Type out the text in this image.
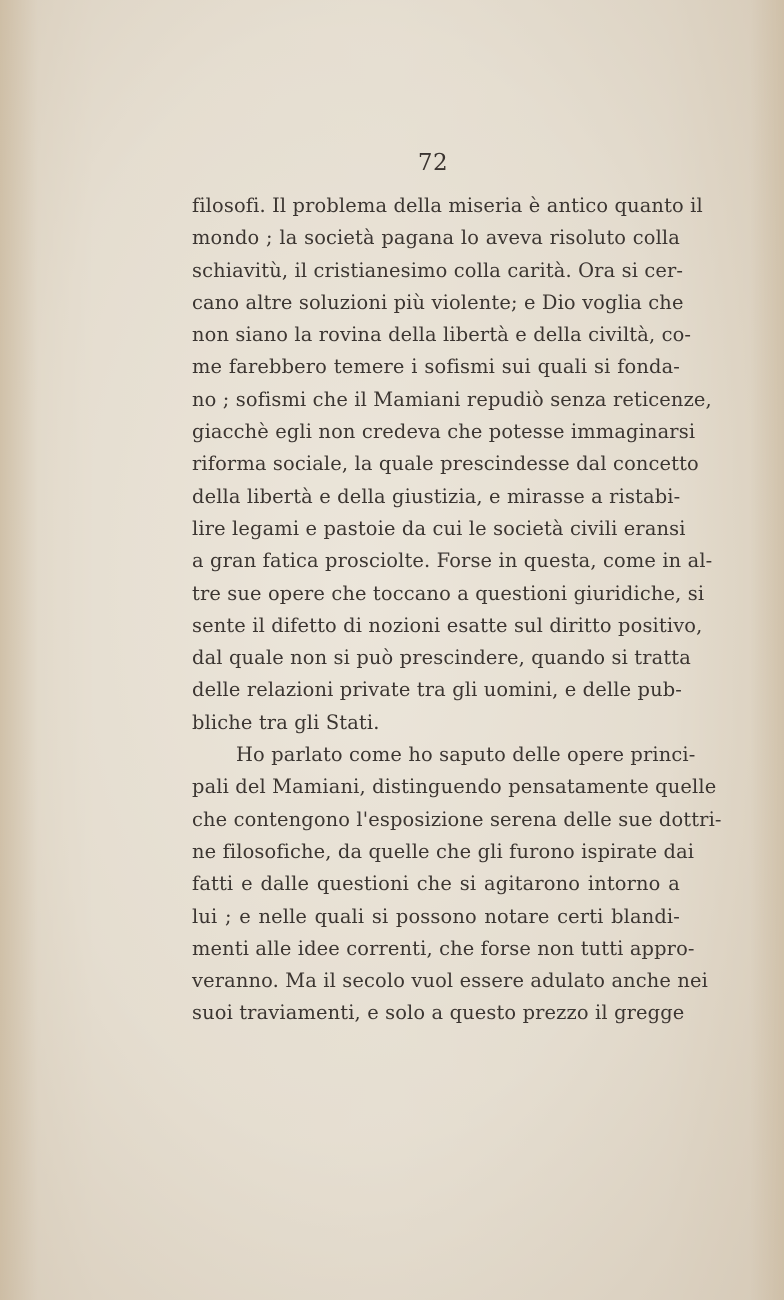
72
filosofi. Il problema della miseria è antico quanto il
mondo ; la società pagana lo aveva risoluto colla
schiavitù, il cristianesimo colla carità. Ora si cer-
cano altre soluzioni più violente; e Dio voglia che
non siano la rovina della libertà e della civiltà, co-
me farebbero temere i sofismi sui quali si fonda-
no ; sofismi che il Mamiani repudiò senza reticenze,
giacchè egli non credeva che potesse immaginarsi
riforma sociale, la quale prescindesse dal concetto
della libertà e della giustizia, e mirasse a ristabi-
lire legami e pastoie da cui le società civili eransi
a gran fatica prosciolte. Forse in questa, come in al-
tre sue opere che toccano a questioni giuridiche, si
sente il difetto di nozioni esatte sul diritto positivo,
dal quale non si può prescindere, quando si tratta
delle relazioni private tra gli uomini, e delle pub-
bliche tra gli Stati.
Ho parlato come ho saputo delle opere princi-
pali del Mamiani, distinguendo pensatamente quelle
che contengono l'esposizione serena delle sue dottri-
ne filosofiche, da quelle che gli furono ispirate dai
fatti e dalle questioni che si agitarono intorno a
lui ; e nelle quali si possono notare certi blandi-
menti alle idee correnti, che forse non tutti appro-
veranno. Ma il secolo vuol essere adulato anche nei
suoi traviamenti, e solo a questo prezzo il gregge
